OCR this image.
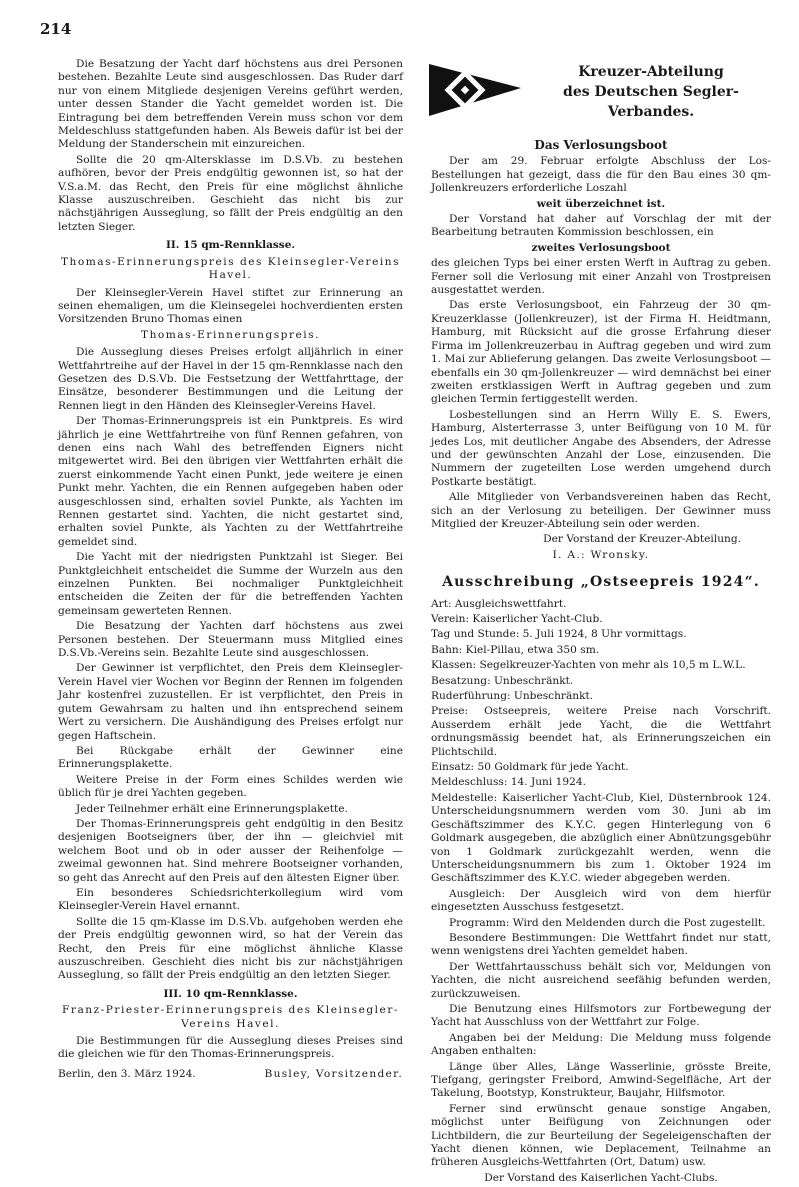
214

Die Besatzung der Yacht darf höchstens aus drei Personen bestehen. Bezahlte Leute sind ausgeschlossen. Das Ruder darf nur von einem Mitgliede desjenigen Vereins geführt werden, unter dessen Stander die Yacht gemeldet worden ist. Die Eintragung bei dem betreffenden Verein muss schon vor dem Meldeschluss stattgefunden haben. Als Beweis dafür ist bei der Meldung der Standerschein mit einzureichen.

Sollte die 20 qm-Altersklasse im D.S.Vb. zu bestehen aufhören, bevor der Preis endgültig gewonnen ist, so hat der V.S.a.M. das Recht, den Preis für eine möglichst ähnliche Klasse auszuschreiben. Geschieht das nicht bis zur nächstjährigen Ausseglung, so fällt der Preis endgültig an den letzten Sieger.

II. 15 qm-Rennklasse.
Thomas-Erinnerungspreis des Kleinsegler-Vereins Havel.

Der Kleinsegler-Verein Havel stiftet zur Erinnerung an seinen ehemaligen, um die Kleinsegelei hochverdienten ersten Vorsitzenden Bruno Thomas einen

Thomas-Erinnerungspreis.

Die Ausseglung dieses Preises erfolgt alljährlich in einer Wettfahrtreihe auf der Havel in der 15 qm-Rennklasse nach den Gesetzen des D.S.Vb. Die Festsetzung der Wettfahrttage, der Einsätze, besonderer Bestimmungen und die Leitung der Rennen liegt in den Händen des Kleinsegler-Vereins Havel.

Der Thomas-Erinnerungspreis ist ein Punktpreis. Es wird jährlich je eine Wettfahrtreihe von fünf Rennen gefahren, von denen eins nach Wahl des betreffenden Eigners nicht mitgewertet wird. Bei den übrigen vier Wettfahrten erhält die zuerst einkommende Yacht einen Punkt, jede weitere je einen Punkt mehr. Yachten, die ein Rennen aufgegeben haben oder ausgeschlossen sind, erhalten soviel Punkte, als Yachten im Rennen gestartet sind. Yachten, die nicht gestartet sind, erhalten soviel Punkte, als Yachten zu der Wettfahrtreihe gemeldet sind.

Die Yacht mit der niedrigsten Punktzahl ist Sieger. Bei Punktgleichheit entscheidet die Summe der Wurzeln aus den einzelnen Punkten. Bei nochmaliger Punktgleichheit entscheiden die Zeiten der für die betreffenden Yachten gemeinsam gewerteten Rennen.

Die Besatzung der Yachten darf höchstens aus zwei Personen bestehen. Der Steuermann muss Mitglied eines D.S.Vb.-Vereins sein. Bezahlte Leute sind ausgeschlossen.

Der Gewinner ist verpflichtet, den Preis dem Kleinsegler-Verein Havel vier Wochen vor Beginn der Rennen im folgenden Jahr kostenfrei zuzustellen. Er ist verpflichtet, den Preis in gutem Gewahrsam zu halten und ihn entsprechend seinem Wert zu versichern. Die Aushändigung des Preises erfolgt nur gegen Haftschein.

Bei Rückgabe erhält der Gewinner eine Erinnerungsplakette.

Weitere Preise in der Form eines Schildes werden wie üblich für je drei Yachten gegeben.

Jeder Teilnehmer erhält eine Erinnerungsplakette.

Der Thomas-Erinnerungspreis geht endgültig in den Besitz desjenigen Bootseigners über, der ihn — gleichviel mit welchem Boot und ob in oder ausser der Reihenfolge — zweimal gewonnen hat. Sind mehrere Bootseigner vorhanden, so geht das Anrecht auf den Preis auf den ältesten Eigner über.

Ein besonderes Schiedsrichterkollegium wird vom Kleinsegler-Verein Havel ernannt.

Sollte die 15 qm-Klasse im D.S.Vb. aufgehoben werden ehe der Preis endgültig gewonnen wird, so hat der Verein das Recht, den Preis für eine möglichst ähnliche Klasse auszuschreiben. Geschieht dies nicht bis zur nächstjährigen Ausseglung, so fällt der Preis endgültig an den letzten Sieger.

III. 10 qm-Rennklasse.
Franz-Priester-Erinnerungspreis des Kleinsegler-Vereins Havel.

Die Bestimmungen für die Ausseglung dieses Preises sind die gleichen wie für den Thomas-Erinnerungspreis.

Berlin, den 3. März 1924.	Busley, Vorsitzender.
Kreuzer-Abteilung
des Deutschen Segler-Verbandes.
Das Verlosungsboot

Der am 29. Februar erfolgte Abschluss der Los-Bestellungen hat gezeigt, dass die für den Bau eines 30 qm-Jollenkreuzers erforderliche Loszahl

weit überzeichnet ist.

Der Vorstand hat daher auf Vorschlag der mit der Bearbeitung betrauten Kommission beschlossen, ein

zweites Verlosungsboot

des gleichen Typs bei einer ersten Werft in Auftrag zu geben. Ferner soll die Verlosung mit einer Anzahl von Trostpreisen ausgestattet werden.

Das erste Verlosungsboot, ein Fahrzeug der 30 qm-Kreuzerklasse (Jollenkreuzer), ist der Firma H. Heidtmann, Hamburg, mit Rücksicht auf die grosse Erfahrung dieser Firma im Jollenkreuzerbau in Auftrag gegeben und wird zum 1. Mai zur Ablieferung gelangen. Das zweite Verlosungsboot — ebenfalls ein 30 qm-Jollenkreuzer — wird demnächst bei einer zweiten erstklassigen Werft in Auftrag gegeben und zum gleichen Termin fertiggestellt werden.

Losbestellungen sind an Herrn Willy E. S. Ewers, Hamburg, Alsterterrasse 3, unter Beifügung von 10 M. für jedes Los, mit deutlicher Angabe des Absenders, der Adresse und der gewünschten Anzahl der Lose, einzusenden. Die Nummern der zugeteilten Lose werden umgehend durch Postkarte bestätigt.

Alle Mitglieder von Verbandsvereinen haben das Recht, sich an der Verlosung zu beteiligen. Der Gewinner muss Mitglied der Kreuzer-Abteilung sein oder werden.

Der Vorstand der Kreuzer-Abteilung.

I. A.: Wronsky.

Ausschreibung „Ostseepreis 1924“.

Art: Ausgleichswettfahrt.

Verein: Kaiserlicher Yacht-Club.

Tag und Stunde: 5. Juli 1924, 8 Uhr vormittags.

Bahn: Kiel-Pillau, etwa 350 sm.

Klassen: Segelkreuzer-Yachten von mehr als 10,5 m L.W.L.

Besatzung: Unbeschränkt.

Ruderführung: Unbeschränkt.

Preise: Ostseepreis, weitere Preise nach Vorschrift. Ausserdem erhält jede Yacht, die die Wettfahrt ordnungsmässig beendet hat, als Erinnerungszeichen ein Plichtschild.

Einsatz: 50 Goldmark für jede Yacht.

Meldeschluss: 14. Juni 1924.

Meldestelle: Kaiserlicher Yacht-Club, Kiel, Düsternbrook 124. Unterscheidungsnummern werden vom 30. Juni ab im Geschäftszimmer des K.Y.C. gegen Hinterlegung von 6 Goldmark ausgegeben, die abzüglich einer Abnützungsgebühr von 1 Goldmark zurückgezahlt werden, wenn die Unterscheidungsnummern bis zum 1. Oktober 1924 im Geschäftszimmer des K.Y.C. wieder abgegeben werden.

Ausgleich: Der Ausgleich wird von dem hierfür eingesetzten Ausschuss festgesetzt.

Programm: Wird den Meldenden durch die Post zugestellt.

Besondere Bestimmungen: Die Wettfahrt findet nur statt, wenn wenigstens drei Yachten gemeldet haben.

Der Wettfahrtausschuss behält sich vor, Meldungen von Yachten, die nicht ausreichend seefähig befunden werden, zurückzuweisen.

Die Benutzung eines Hilfsmotors zur Fortbewegung der Yacht hat Ausschluss von der Wettfahrt zur Folge.

Angaben bei der Meldung: Die Meldung muss folgende Angaben enthalten:

Länge über Alles, Länge Wasserlinie, grösste Breite, Tiefgang, geringster Freibord, Amwind-Segelfläche, Art der Takelung, Bootstyp, Konstrukteur, Baujahr, Hilfsmotor.

Ferner sind erwünscht genaue sonstige Angaben, möglichst unter Beifügung von Zeichnungen oder Lichtbildern, die zur Beurteilung der Segeleigenschaften der Yacht dienen können, wie Deplacement, Teilnahme an früheren Ausgleichs-Wettfahrten (Ort, Datum) usw.

Der Vorstand des Kaiserlichen Yacht-Clubs.
